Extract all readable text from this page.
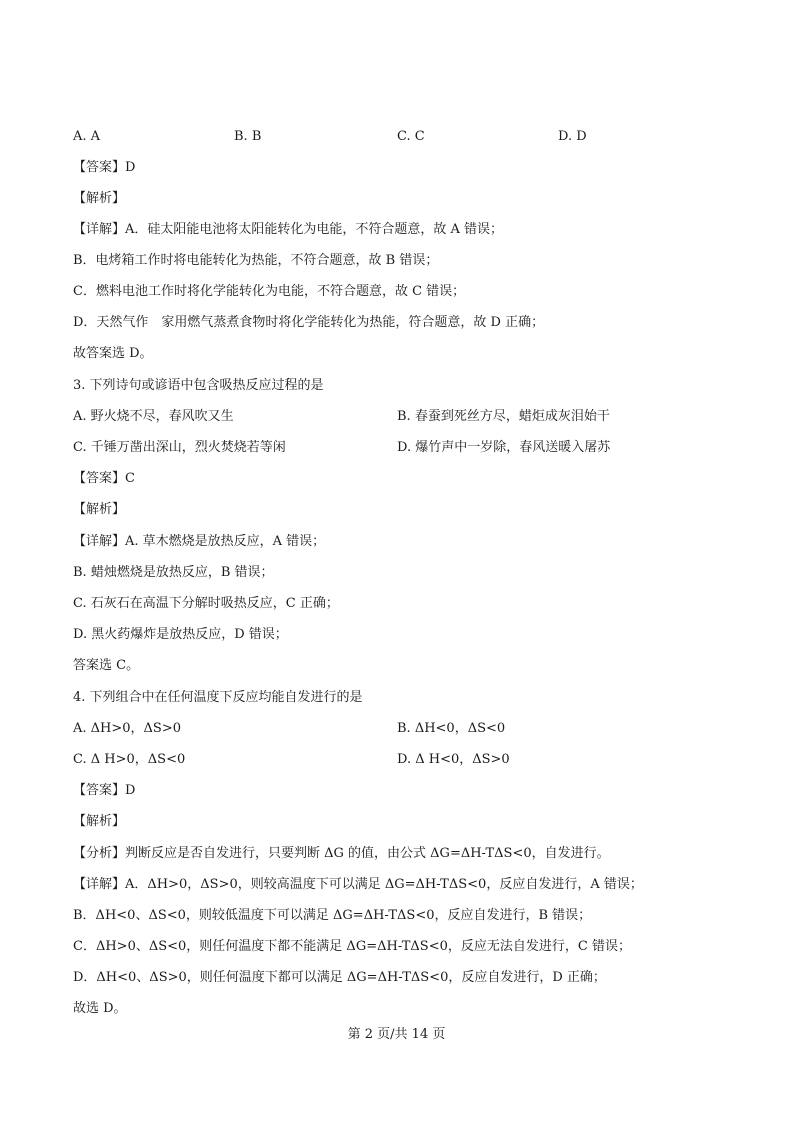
A. A	B. B	C. C	D. D
【答案】D
【解析】
【详解】A．硅太阳能电池将太阳能转化为电能，不符合题意，故 A 错误；
B．电烤箱工作时将电能转化为热能，不符合题意，故 B 错误；
C．燃料电池工作时将化学能转化为电能，不符合题意，故 C 错误；
D．天然气作　家用燃气蒸煮食物时将化学能转化为热能，符合题意，故 D 正确；
故答案选 D。
3. 下列诗句或谚语中包含吸热反应过程的是
A. 野火烧不尽，春风吹又生	B. 春蚕到死丝方尽，蜡炬成灰泪始干
C. 千锤万凿出深山，烈火焚烧若等闲	D. 爆竹声中一岁除，春风送暖入屠苏
【答案】C
【解析】
【详解】A. 草木燃烧是放热反应，A 错误；
B. 蜡烛燃烧是放热反应，B 错误；
C. 石灰石在高温下分解时吸热反应，C 正确；
D. 黑火药爆炸是放热反应，D 错误；
答案选 C。
4. 下列组合中在任何温度下反应均能自发进行的是
A. ΔH>0，ΔS>0	B. ΔH<0，ΔS<0
C. Δ H>0，ΔS<0	D. Δ H<0，ΔS>0
【答案】D
【解析】
【分析】判断反应是否自发进行，只要判断 ΔG 的值，由公式 ΔG=ΔH-TΔS<0，自发进行。
【详解】A．ΔH>0，ΔS>0，则较高温度下可以满足 ΔG=ΔH-TΔS<0，反应自发进行，A 错误；
B．ΔH<0、ΔS<0，则较低温度下可以满足 ΔG=ΔH-TΔS<0，反应自发进行，B 错误；
C．ΔH>0、ΔS<0，则任何温度下都不能满足 ΔG=ΔH-TΔS<0，反应无法自发进行，C 错误；
D．ΔH<0、ΔS>0，则任何温度下都可以满足 ΔG=ΔH-TΔS<0，反应自发进行，D 正确；
故选 D。
第 2 页/共 14 页
